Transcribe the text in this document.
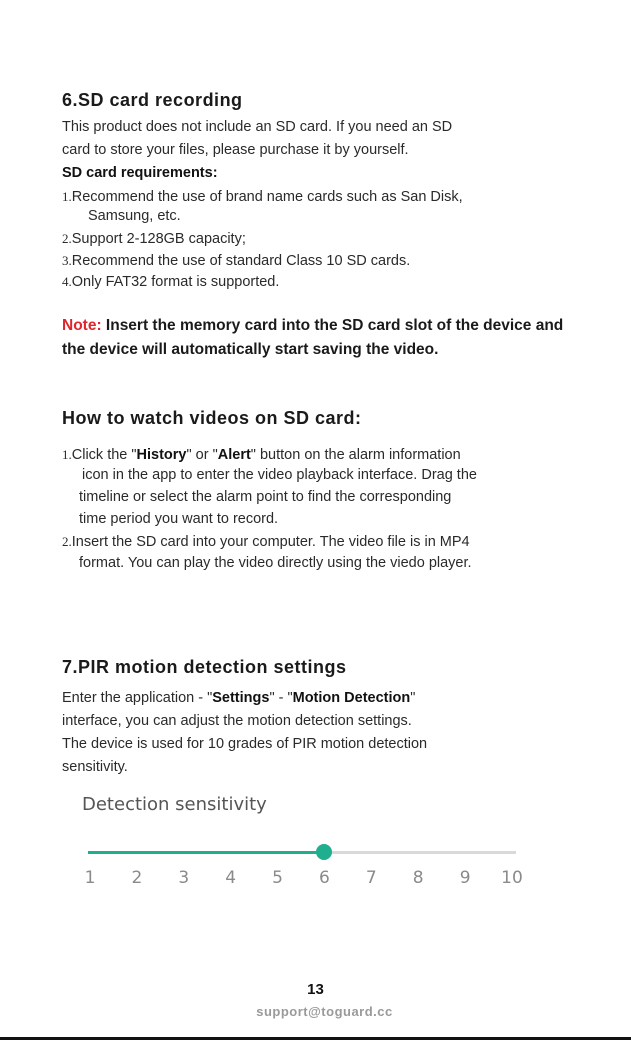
6.SD card recording
This product does not include an SD card. If you need an SD
card to store your files, please purchase it by yourself.
SD card requirements:
1.Recommend the use of brand name cards such as San Disk,
Samsung, etc.
2.Support 2-128GB capacity;
3.Recommend the use of standard Class 10 SD cards.
4.Only FAT32 format is supported.
Note: Insert the memory card into the SD card slot of the device and the device will automatically start saving the video.
How to watch videos on SD card:
1.Click the "History" or "Alert" button on the alarm information
icon in the app to enter the video playback interface. Drag the
timeline or select the alarm point to find the corresponding
time period you want to record.
2.Insert the SD card into your computer. The video file is in MP4
format. You can play the video directly using the viedo player.
7.PIR motion detection settings
Enter the application - "Settings" - "Motion Detection"
interface, you can adjust the motion detection settings.
The device is used for 10 grades of PIR motion detection
sensitivity.
Detection sensitivity
1	2	3	4	5	6	7	8	9	10
13
support@toguard.cc
